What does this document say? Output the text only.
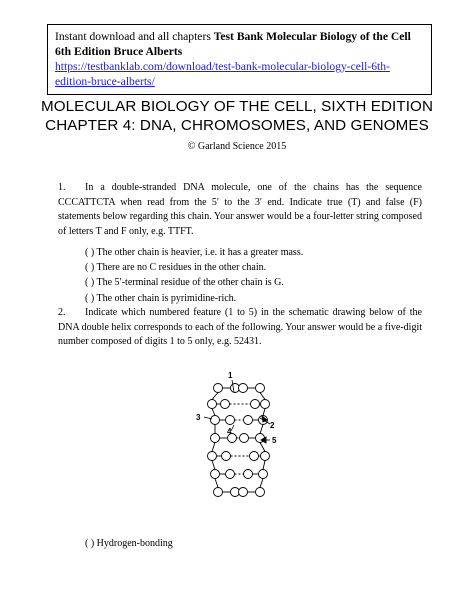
Instant download and all chapters Test Bank Molecular Biology of the Cell 6th Edition Bruce Alberts
https://testbanklab.com/download/test-bank-molecular-biology-cell-6th-edition-bruce-alberts/
MOLECULAR BIOLOGY OF THE CELL, SIXTH EDITION
CHAPTER 4: DNA, CHROMOSOMES, AND GENOMES
© Garland Science 2015
1. In a double-stranded DNA molecule, one of the chains has the sequence CCCATTCTA when read from the 5′ to the 3′ end. Indicate true (T) and false (F) statements below regarding this chain. Your answer would be a four-letter string composed of letters T and F only, e.g. TTFT.
( ) The other chain is heavier, i.e. it has a greater mass.
( ) There are no C residues in the other chain.
( ) The 5′-terminal residue of the other chain is G.
( ) The other chain is pyrimidine-rich.
2. Indicate which numbered feature (1 to 5) in the schematic drawing below of the DNA double helix corresponds to each of the following. Your answer would be a five-digit number composed of digits 1 to 5 only, e.g. 52431.
1
2
3
4
5
( ) Hydrogen-bonding
